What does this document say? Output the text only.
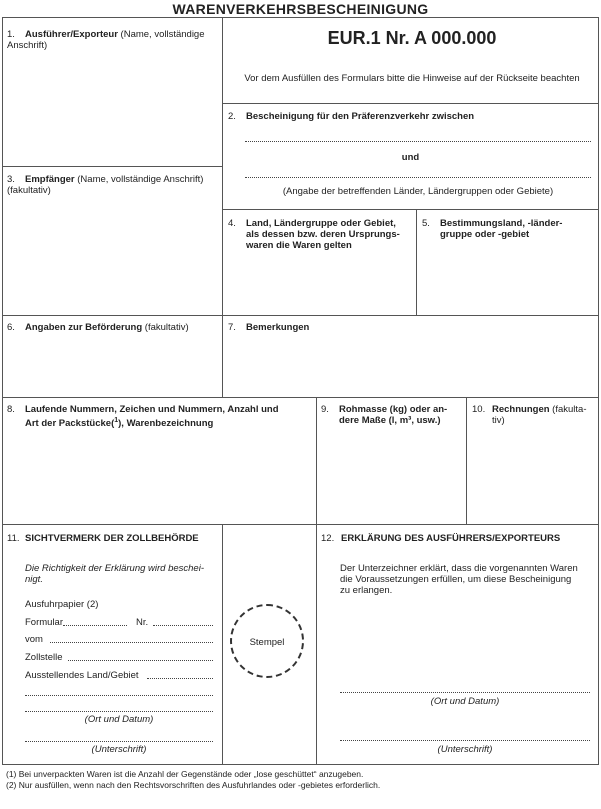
WARENVERKEHRSBESCHEINIGUNG
1. Ausführer/Exporteur (Name, vollständige Anschrift)	EUR.1 Nr. A 000.000
Vor dem Ausfüllen des Formulars bitte die Hinweise auf der Rückseite beachten
2. Bescheinigung für den Präferenzverkehr zwischen
und
(Angabe der betreffenden Länder, Ländergruppen oder Gebiete)
3. Empfänger (Name, vollständige Anschrift) (fakultativ)
4. Land, Ländergruppe oder Gebiet,
als dessen bzw. deren Ursprungs-
waren die Waren gelten
5. Bestimmungsland, -länder-
gruppe oder -gebiet
6. Angaben zur Beförderung (fakultativ)	7. Bemerkungen
8. Laufende Nummern, Zeichen und Nummern, Anzahl und
Art der Packstücke($^1$), Warenbezeichnung
9. Rohmasse (kg) oder an-
dere Maße (l, m³, usw.)
10. Rechnungen (fakulta-
tiv)
11. SICHTVERMERK DER ZOLLBEHÖRDE
Die Richtigkeit der Erklärung wird beschei-
nigt.
Ausfuhrpapier (2)
Formular	Nr.
vom
Zollstelle
Ausstellendes Land/Gebiet
(Ort und Datum)
(Unterschrift)
Stempel
12. ERKLÄRUNG DES AUSFÜHRERS/EXPORTEURS
Der Unterzeichner erklärt, dass die vorgenannten Waren
die Voraussetzungen erfüllen, um diese Bescheinigung
zu erlangen.
(Ort und Datum)
(Unterschrift)
(1) Bei unverpackten Waren ist die Anzahl der Gegenstände oder „lose geschüttet“ anzugeben.
(2) Nur ausfüllen, wenn nach den Rechtsvorschriften des Ausfuhrlandes oder -gebietes erforderlich.
